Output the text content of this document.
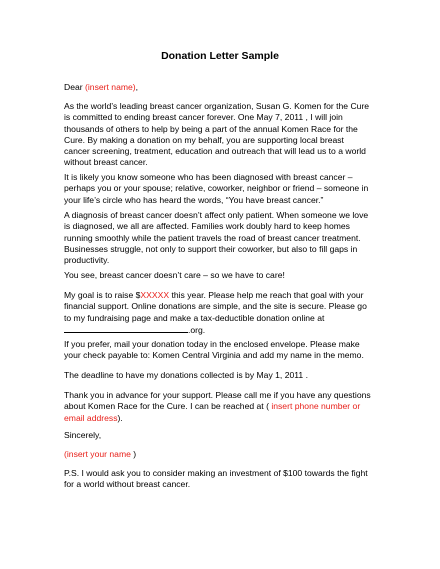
Donation Letter Sample

Dear (insert name),

As the world’s leading breast cancer organization, Susan G. Komen for the Cure
is committed to ending breast cancer forever. One May 7, 2011 , I will join
thousands of others to help by being a part of the annual Komen Race for the
Cure. By making a donation on my behalf, you are supporting local breast
cancer screening, treatment, education and outreach that will lead us to a world
without breast cancer.

It is likely you know someone who has been diagnosed with breast cancer –
perhaps you or your spouse; relative, coworker, neighbor or friend – someone in
your life’s circle who has heard the words, “You have breast cancer.”

A diagnosis of breast cancer doesn’t affect only patient. When someone we love
is diagnosed, we all are affected. Families work doubly hard to keep homes
running smoothly while the patient travels the road of breast cancer treatment.
Businesses struggle, not only to support their coworker, but also to fill gaps in
productivity.

You see, breast cancer doesn’t care – so we have to care!

My goal is to raise $XXXXX this year. Please help me reach that goal with your
financial support. Online donations are simple, and the site is secure. Please go
to my fundraising page and make a tax-deductible donation online at
.org.

If you prefer, mail your donation today in the enclosed envelope. Please make
your check payable to: Komen Central Virginia and add my name in the memo.

The deadline to have my donations collected is by May 1, 2011 .

Thank you in advance for your support. Please call me if you have any questions
about Komen Race for the Cure. I can be reached at ( insert phone number or
email address).

Sincerely,

(insert your name )

P.S. I would ask you to consider making an investment of $100 towards the fight
for a world without breast cancer.
